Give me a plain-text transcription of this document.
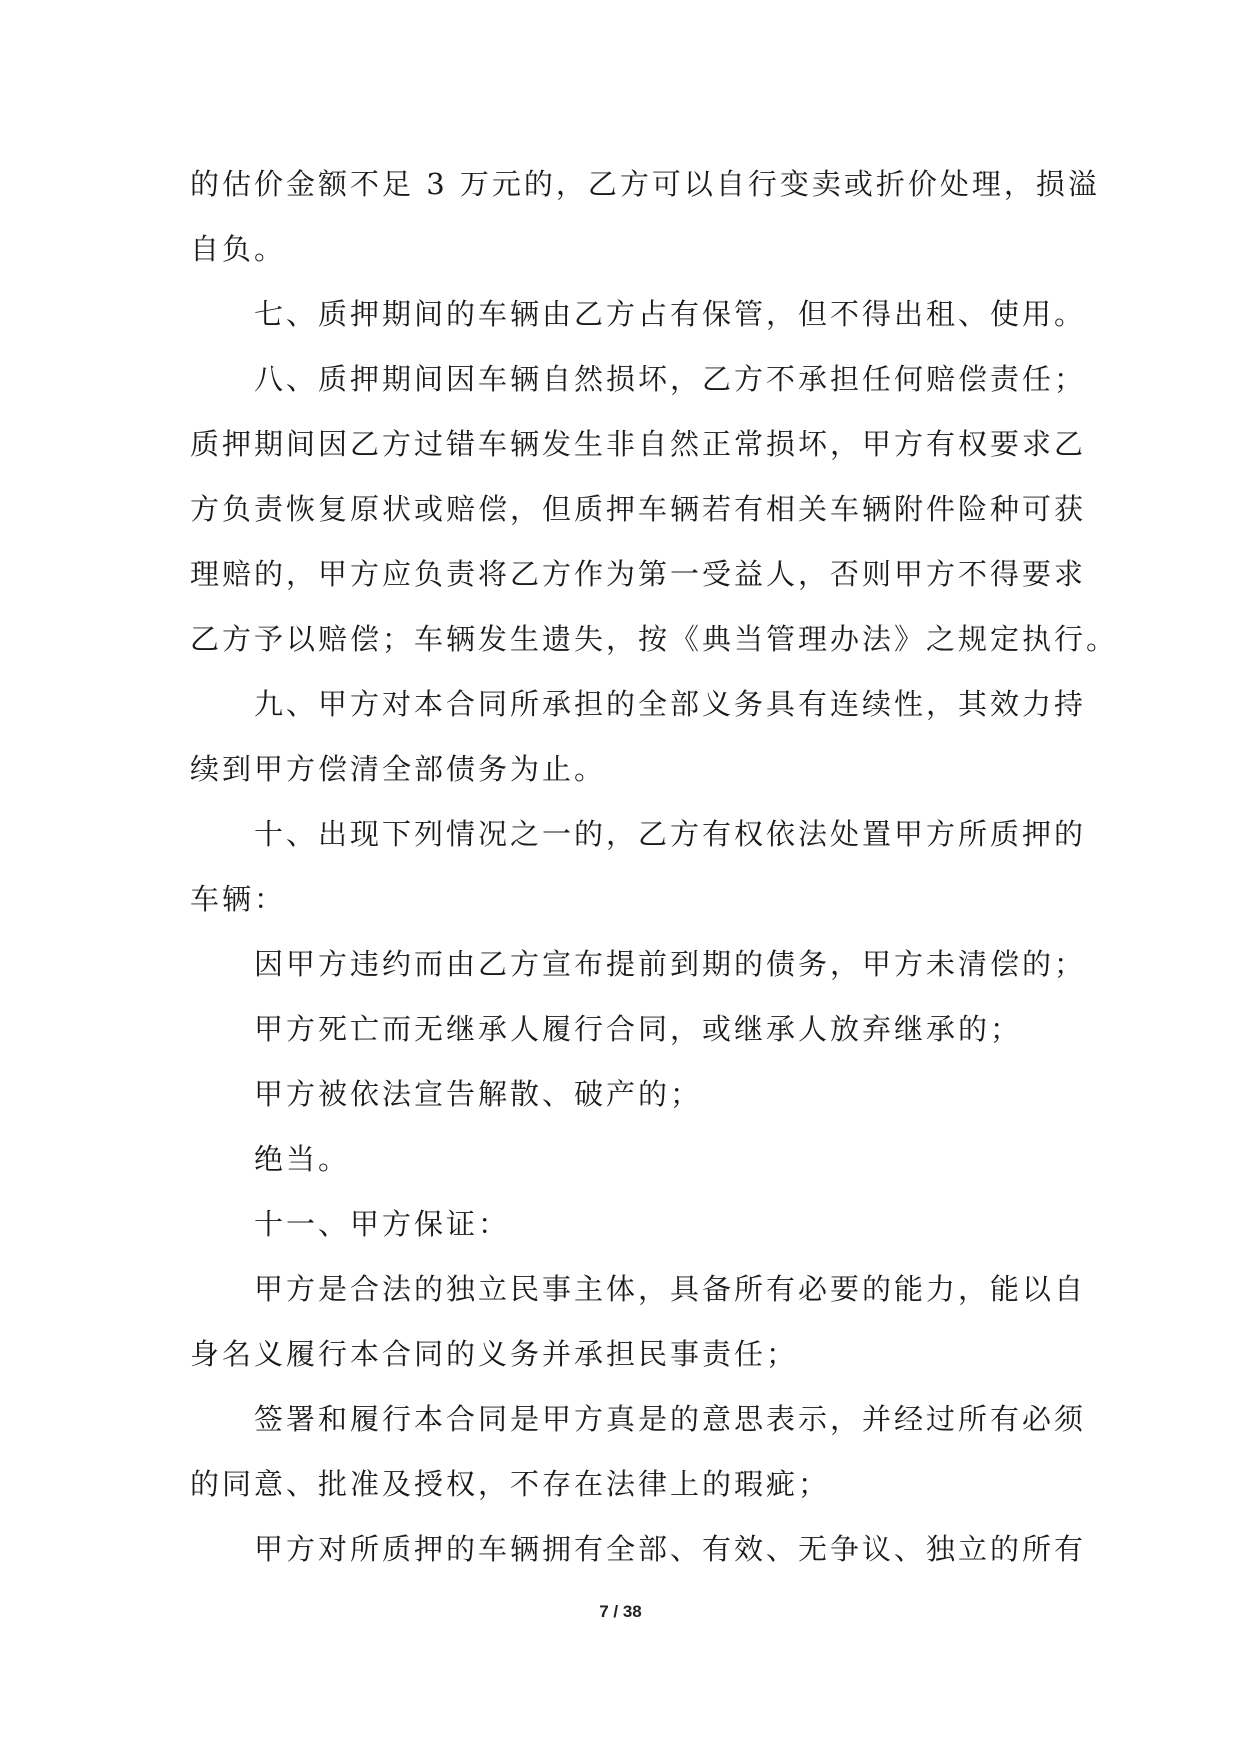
的估价金额不足 3 万元的，乙方可以自行变卖或折价处理，损溢
自负。
七、质押期间的车辆由乙方占有保管，但不得出租、使用。
八、质押期间因车辆自然损坏，乙方不承担任何赔偿责任；
质押期间因乙方过错车辆发生非自然正常损坏，甲方有权要求乙
方负责恢复原状或赔偿，但质押车辆若有相关车辆附件险种可获
理赔的，甲方应负责将乙方作为第一受益人，否则甲方不得要求
乙方予以赔偿；车辆发生遗失，按《典当管理办法》之规定执行。
九、甲方对本合同所承担的全部义务具有连续性，其效力持
续到甲方偿清全部债务为止。
十、出现下列情况之一的，乙方有权依法处置甲方所质押的
车辆：
因甲方违约而由乙方宣布提前到期的债务，甲方未清偿的；
甲方死亡而无继承人履行合同，或继承人放弃继承的；
甲方被依法宣告解散、破产的；
绝当。
十一、甲方保证：
甲方是合法的独立民事主体，具备所有必要的能力，能以自
身名义履行本合同的义务并承担民事责任；
签署和履行本合同是甲方真是的意思表示，并经过所有必须
的同意、批准及授权，不存在法律上的瑕疵；
甲方对所质押的车辆拥有全部、有效、无争议、独立的所有
7 / 38
